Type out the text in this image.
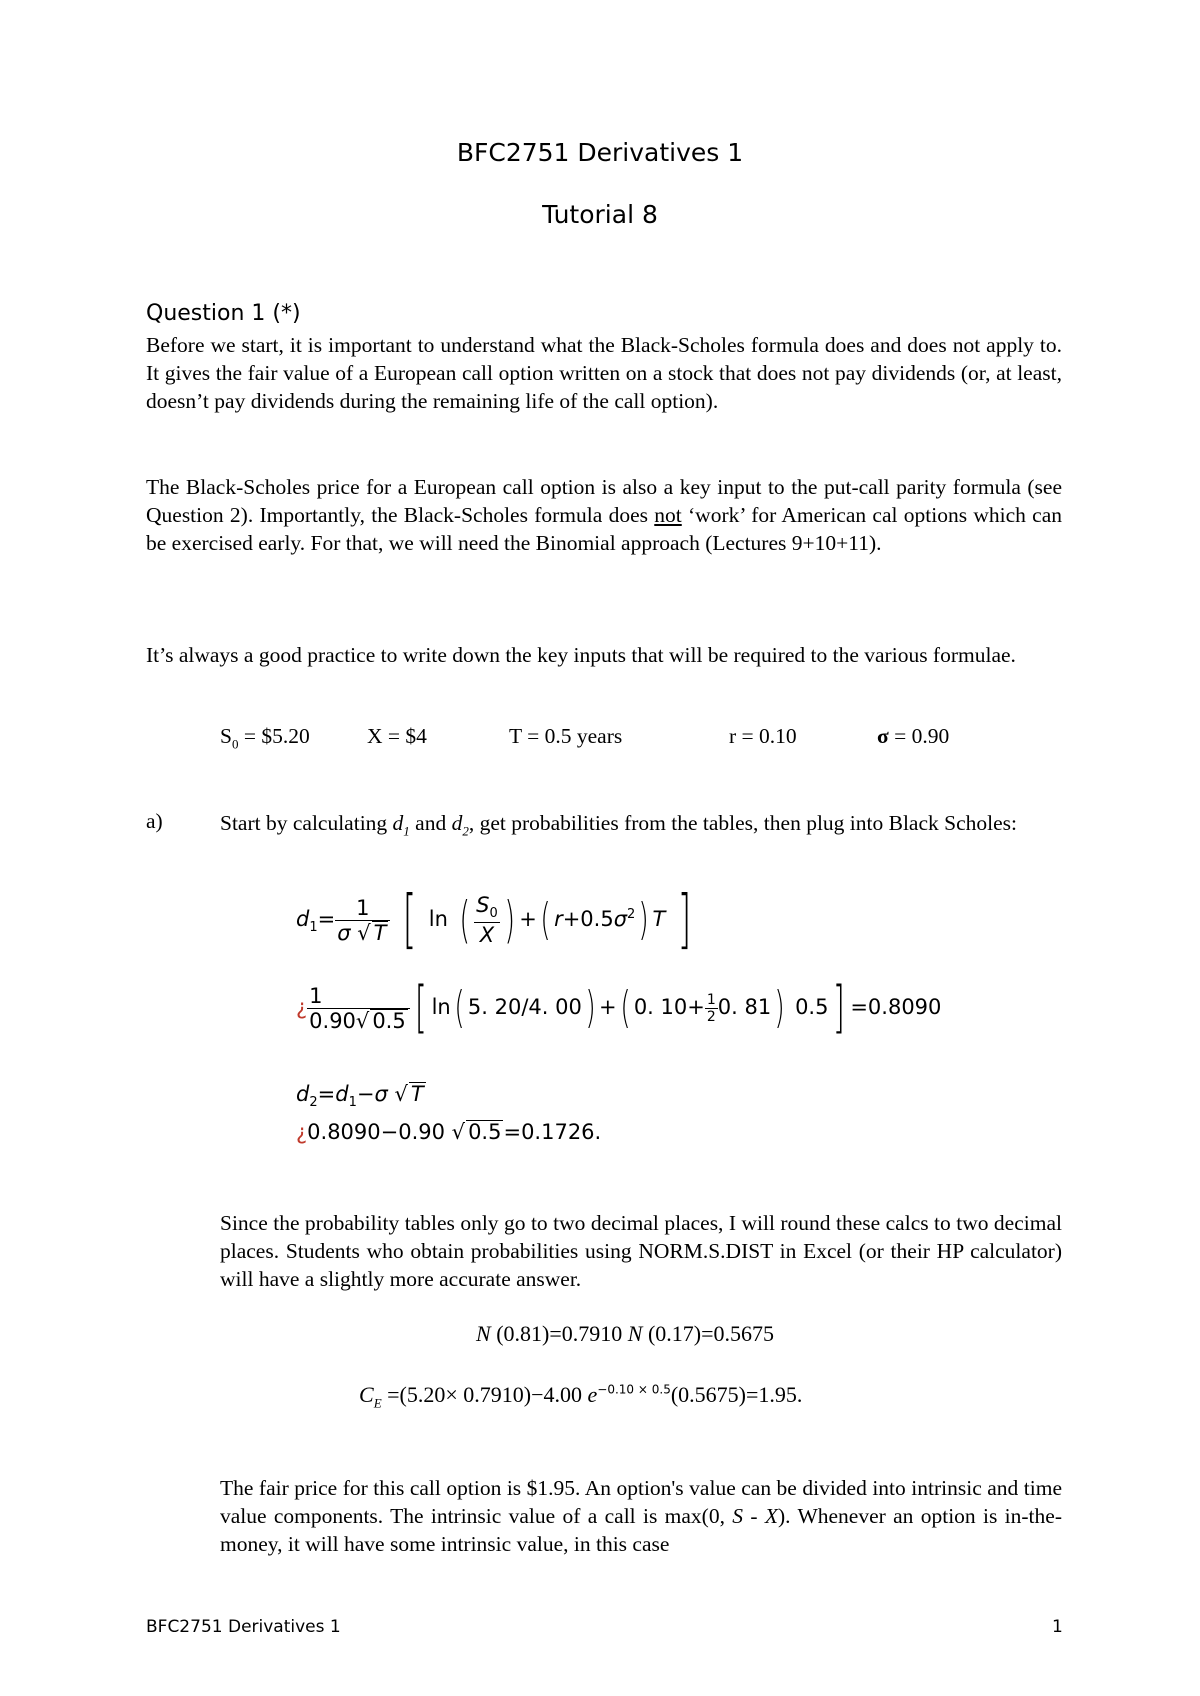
BFC2751 Derivatives 1
Tutorial 8
Question 1 (*)
Before we start, it is important to understand what the Black-Scholes formula does and does not apply to. It gives the fair value of a European call option written on a stock that does not pay dividends (or, at least, doesn’t pay dividends during the remaining life of the call option).
The Black-Scholes price for a European call option is also a key input to the put-call parity formula (see Question 2). Importantly, the Black-Scholes formula does not ‘work’ for American cal options which can be exercised early. For that, we will need the Binomial approach (Lectures 9+10+11).
It’s always a good practice to write down the key inputs that will be required to the various formulae.
$S_0$ = $5.20	X = $4	T = 0.5 years	r = 0.10	σ = 0.90
a)	Start by calculating $d_1$ and $d_2$, get probabilities from the tables, then plug into Black Scholes:
$d_1= \frac{1}{\sigma √ T}$ [ ln ( $\frac{S_0}{X}$ ) +( $r+0.5\sigma^2$) T ]
¿ $\frac{1}{0.90√ 0.5}$ [ ln( 5. 20/4. 00) +( 0. $10+ \frac{1}{2} 0$. 81) 0.5] =0.8090
$d_2=d_1-\sigma$ √ T
¿0.8090−0.90 √ 0.5=0.1726.
Since the probability tables only go to two decimal places, I will round these calcs to two decimal places. Students who obtain probabilities using NORM.S.DIST in Excel (or their HP calculator) will have a slightly more accurate answer.
N (0.81)=0.7910 N (0.17)=0.5675
$C_E =(5.20\times 0.7910)-4.00$ $e^{-0.10 \times 0.5}(0.5675)=1.95$.
The fair price for this call option is $1.95. An option's value can be divided into intrinsic and time value components. The intrinsic value of a call is max(0, S - X). Whenever an option is in-the-money, it will have some intrinsic value, in this case
BFC2751 Derivatives 1	1
